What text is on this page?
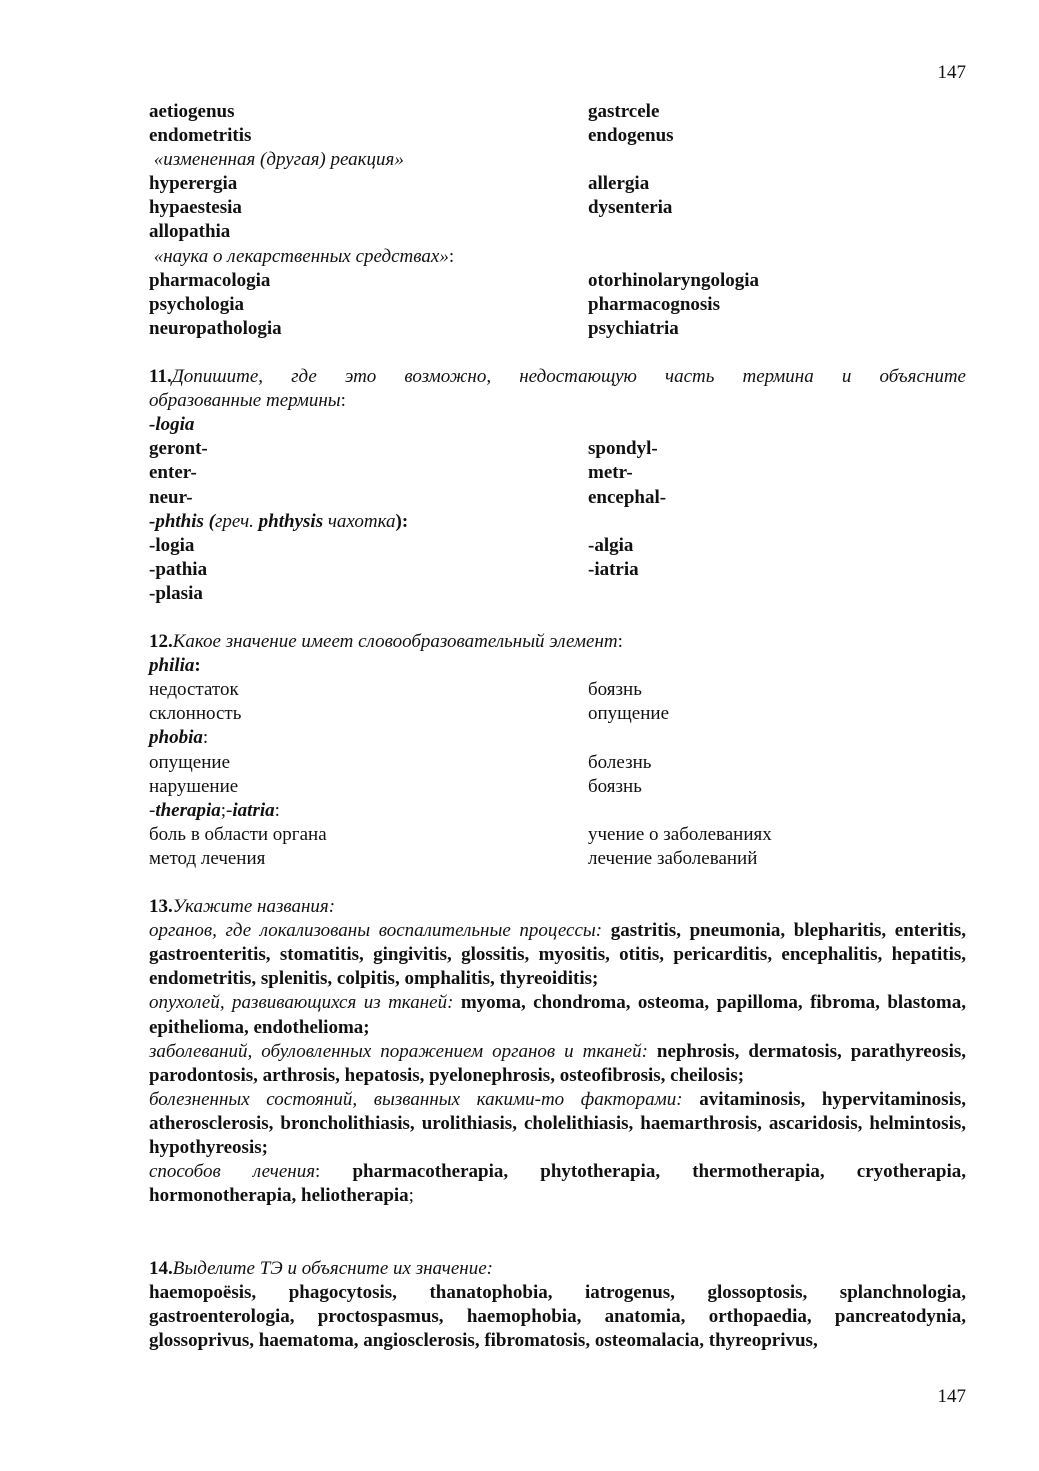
147
aetiogenus	gastrcele
endometritis	endogenus
«измененная (другая) реакция»
hyperergia	allergia
hypaestesia	dysenteria
allopathia
«наука о лекарственных средствах»:
pharmacologia	otorhinolaryngologia
psychologia	pharmacognosis
neuropathologia	psychiatria
11.Допишите, где это возможно, недостающую часть термина и объясните
образованные термины:
-logia
geront-	spondyl-
enter-	metr-
neur-	encephal-
-phthis (греч. phthysis чахотка):
-logia	-algia
-pathia	-iatria
-plasia
12.Какое значение имеет словообразовательный элемент:
philia:
недостаток	боязнь
склонность	опущение
phobia:
опущение	болезнь
нарушение	боязнь
-therapia;-iatria:
боль в области органа	учение о заболеваниях
метод лечения	лечение заболеваний
13.Укажите названия:
органов, где локализованы воспалительные процессы: gastritis, pneumonia, blepharitis, enteritis, gastroenteritis, stomatitis, gingivitis, glossitis, myositis, otitis, pericarditis, encephalitis, hepatitis, endometritis, splenitis, colpitis, omphalitis, thyreoiditis;
опухолей, развивающихся из тканей: myoma, chondroma, osteoma, papilloma, fibroma, blastoma, epithelioma, endothelioma;
заболеваний, обуловленных поражением органов и тканей: nephrosis, dermatosis, parathyreosis, parodontosis, arthrosis, hepatosis, pyelonephrosis, osteofibrosis, cheilosis;
болезненных состояний, вызванных какими-то факторами: avitaminosis, hypervitaminosis, atherosclerosis, broncholithiasis, urolithiasis, cholelithiasis, haemarthrosis, ascaridosis, helmintosis, hypothyreosis;
способов лечения: pharmacotherapia, phytotherapia, thermotherapia, cryotherapia, hormonotherapia, heliotherapia;
14.Выделите ТЭ и объясните их значение:
haemopoësis, phagocytosis, thanatophobia, iatrogenus, glossoptosis, splanchnologia, gastroenterologia, proctospasmus, haemophobia, anatomia, orthopaedia, pancreatodynia, glossoprivus, haematoma, angiosclerosis, fibromatosis, osteomalacia, thyreoprivus,
147
